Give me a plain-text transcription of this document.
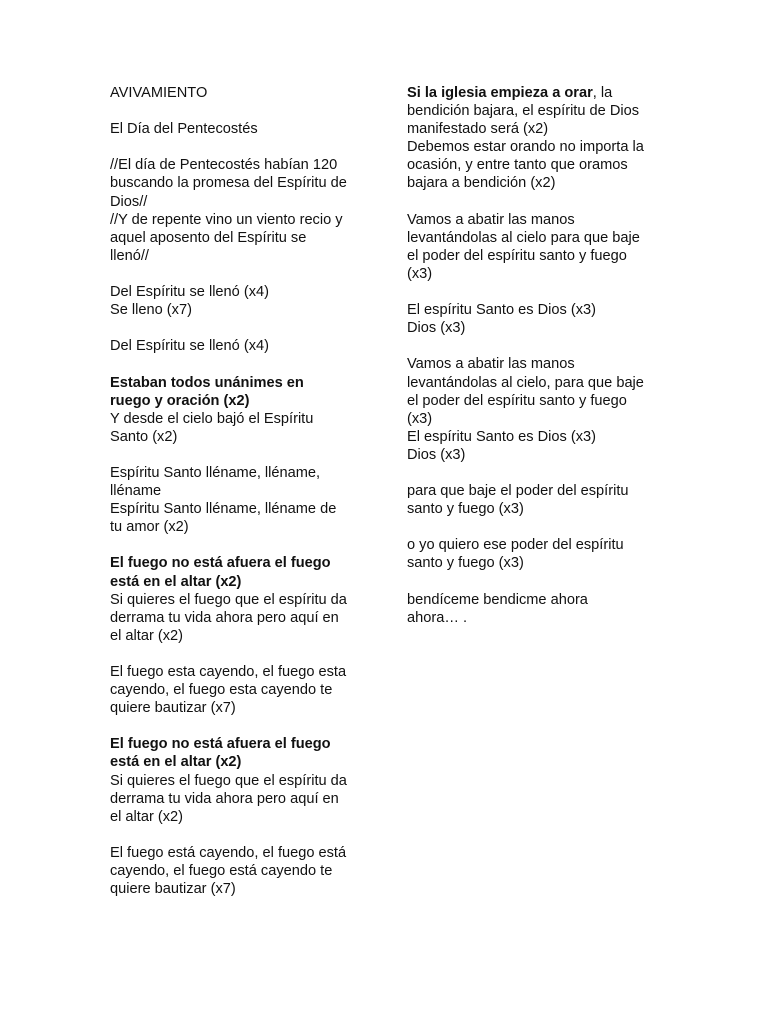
AVIVAMIENTO

El Día del Pentecostés

//El día de Pentecostés habían 120

buscando la promesa del Espíritu de

Dios//

//Y de repente vino un viento recio y

aquel aposento del Espíritu se

llenó//

Del Espíritu se llenó (x4)

Se lleno (x7)

Del Espíritu se llenó (x4)

Estaban todos unánimes en

ruego y oración (x2)

Y desde el cielo bajó el Espíritu

Santo (x2)

Espíritu Santo lléname, lléname,

lléname

Espíritu Santo lléname, lléname de

tu amor (x2)

El fuego no está afuera el fuego

está en el altar (x2)

Si quieres el fuego que el espíritu da

derrama tu vida ahora pero aquí en

el altar (x2)

El fuego esta cayendo, el fuego esta

cayendo, el fuego esta cayendo te

quiere bautizar (x7)

El fuego no está afuera el fuego

está en el altar (x2)

Si quieres el fuego que el espíritu da

derrama tu vida ahora pero aquí en

el altar (x2)

El fuego está cayendo, el fuego está

cayendo, el fuego está cayendo te

quiere bautizar (x7)

Si la iglesia empieza a orar, la

bendición bajara, el espíritu de Dios

manifestado será (x2)

Debemos estar orando no importa la

ocasión, y entre tanto que oramos

bajara a bendición (x2)

Vamos a abatir las manos

levantándolas al cielo para que baje

el poder del espíritu santo y fuego

(x3)

El espíritu Santo es Dios (x3)

Dios (x3)

Vamos a abatir las manos

levantándolas al cielo, para que baje

el poder del espíritu santo y fuego

(x3)

El espíritu Santo es Dios (x3)

Dios (x3)

para que baje el poder del espíritu

santo y fuego (x3)

o yo quiero ese poder del espíritu

santo y fuego (x3)

bendíceme bendicme ahora

ahora… .
